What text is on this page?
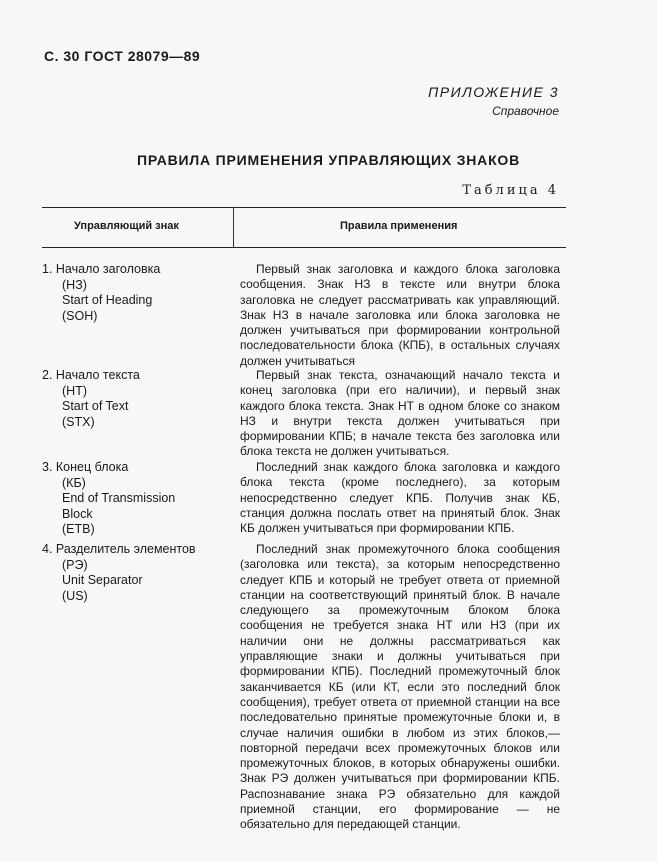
С. 30 ГОСТ 28079—89
ПРИЛОЖЕНИЕ 3
Справочное
ПРАВИЛА ПРИМЕНЕНИЯ УПРАВЛЯЮЩИХ ЗНАКОВ
Таблица 4
Управляющий знак	Правила применения
1. Начало заголовка
(НЗ)
Start of Heading
(SOH)

Первый знак заголовка и каждого блока заголовка сообщения. Знак НЗ в тексте или внутри блока заголовка не следует рассматривать как управляющий. Знак НЗ в начале заголовка или блока заголовка не должен учитываться при формировании контрольной последовательности блока (КПБ), в остальных случаях должен учитываться

2. Начало текста
(НТ)
Start of Text
(STX)

Первый знак текста, означающий начало текста и конец заголовка (при его наличии), и первый знак каждого блока текста. Знак НТ в одном блоке со знаком НЗ и внутри текста должен учитываться при формировании КПБ; в начале текста без заголовка или блока текста не должен учитываться.

3. Конец блока
(КБ)
End of Transmission
Block
(ETB)

Последний знак каждого блока заголовка и каждого блока текста (кроме последнего), за которым непосредственно следует КПБ. Получив знак КБ, станция должна послать ответ на принятый блок. Знак КБ должен учитываться при формировании КПБ.

4. Разделитель элементов
(РЭ)
Unit Separator
(US)

Последний знак промежуточного блока сообщения (заголовка или текста), за которым непосредственно следует КПБ и который не требует ответа от приемной станции на соответствующий принятый блок. В начале следующего за промежуточным блоком блока сообщения не требуется знака НТ или НЗ (при их наличии они не должны рассматриваться как управляющие знаки и должны учитываться при формировании КПБ). Последний промежуточный блок заканчивается КБ (или КТ, если это последний блок сообщения), требует ответа от приемной станции на все последовательно принятые промежуточные блоки и, в случае наличия ошибки в любом из этих блоков,— повторной передачи всех промежуточных блоков или промежуточных блоков, в которых обнаружены ошибки. Знак РЭ должен учитываться при формировании КПБ. Распознавание знака РЭ обязательно для каждой приемной станции, его формирование — не обязательно для передающей станции.
